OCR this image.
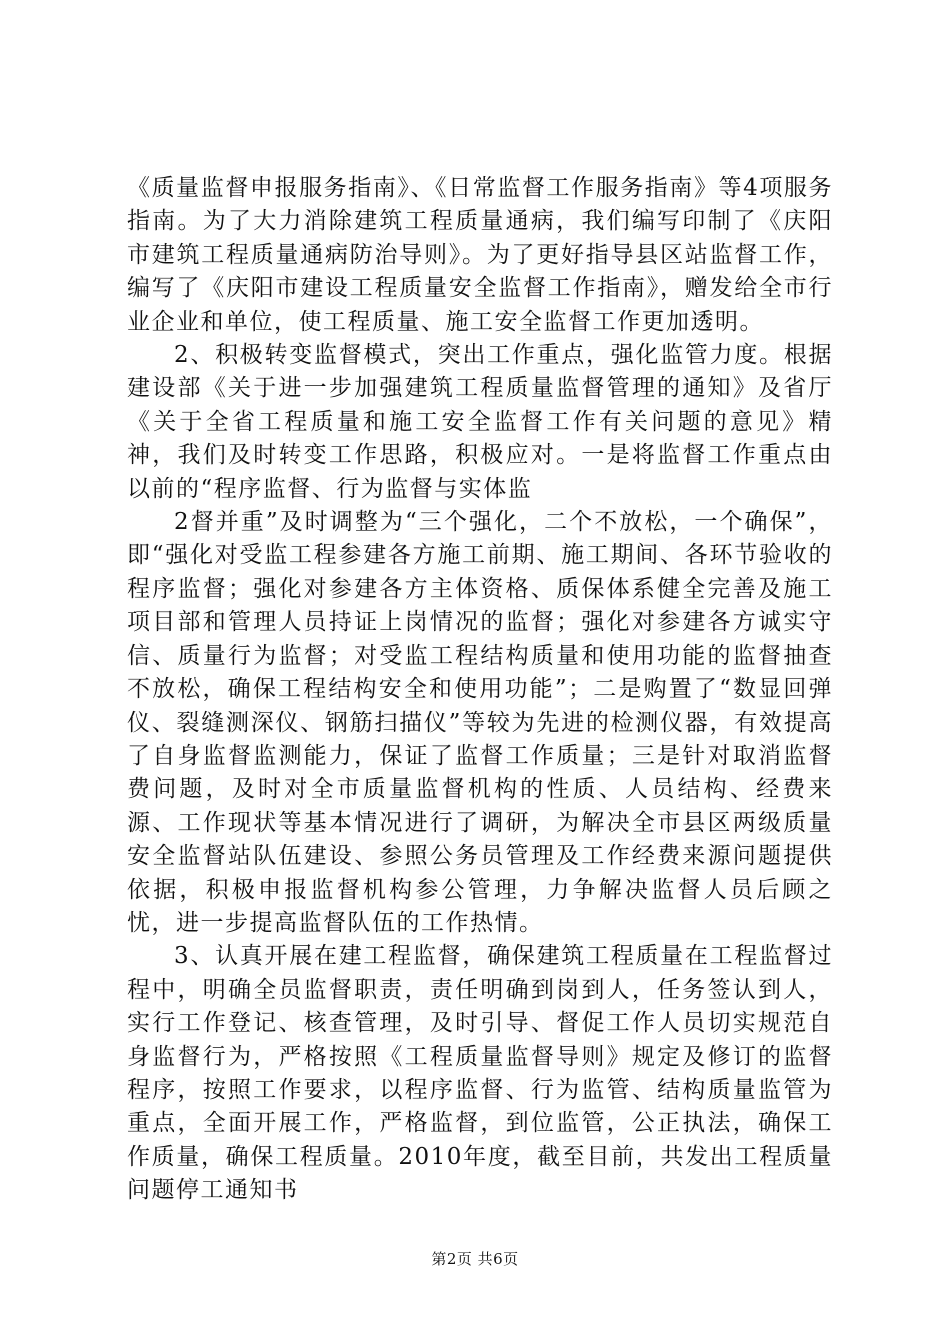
《质量监督申报服务指南》、《日常监督工作服务指南》等4项服务指南。为了大力消除建筑工程质量通病，我们编写印制了《庆阳市建筑工程质量通病防治导则》。为了更好指导县区站监督工作，编写了《庆阳市建设工程质量安全监督工作指南》，赠发给全市行业企业和单位，使工程质量、施工安全监督工作更加透明。

2、积极转变监督模式，突出工作重点，强化监管力度。根据建设部《关于进一步加强建筑工程质量监督管理的通知》及省厅《关于全省工程质量和施工安全监督工作有关问题的意见》精神，我们及时转变工作思路，积极应对。一是将监督工作重点由以前的“程序监督、行为监督与实体监

2督并重”及时调整为“三个强化，二个不放松，一个确保”，即“强化对受监工程参建各方施工前期、施工期间、各环节验收的程序监督；强化对参建各方主体资格、质保体系健全完善及施工项目部和管理人员持证上岗情况的监督；强化对参建各方诚实守信、质量行为监督；对受监工程结构质量和使用功能的监督抽查不放松，确保工程结构安全和使用功能”；二是购置了“数显回弹仪、裂缝测深仪、钢筋扫描仪”等较为先进的检测仪器，有效提高了自身监督监测能力，保证了监督工作质量；三是针对取消监督费问题，及时对全市质量监督机构的性质、人员结构、经费来源、工作现状等基本情况进行了调研，为解决全市县区两级质量安全监督站队伍建设、参照公务员管理及工作经费来源问题提供依据，积极申报监督机构参公管理，力争解决监督人员后顾之忧，进一步提高监督队伍的工作热情。

3、认真开展在建工程监督，确保建筑工程质量在工程监督过程中，明确全员监督职责，责任明确到岗到人，任务签认到人，实行工作登记、核查管理，及时引导、督促工作人员切实规范自身监督行为，严格按照《工程质量监督导则》规定及修订的监督程序，按照工作要求，以程序监督、行为监管、结构质量监管为重点，全面开展工作，严格监督，到位监管，公正执法，确保工作质量，确保工程质量。2010年度，截至目前，共发出工程质量问题停工通知书

第2页 共6页
